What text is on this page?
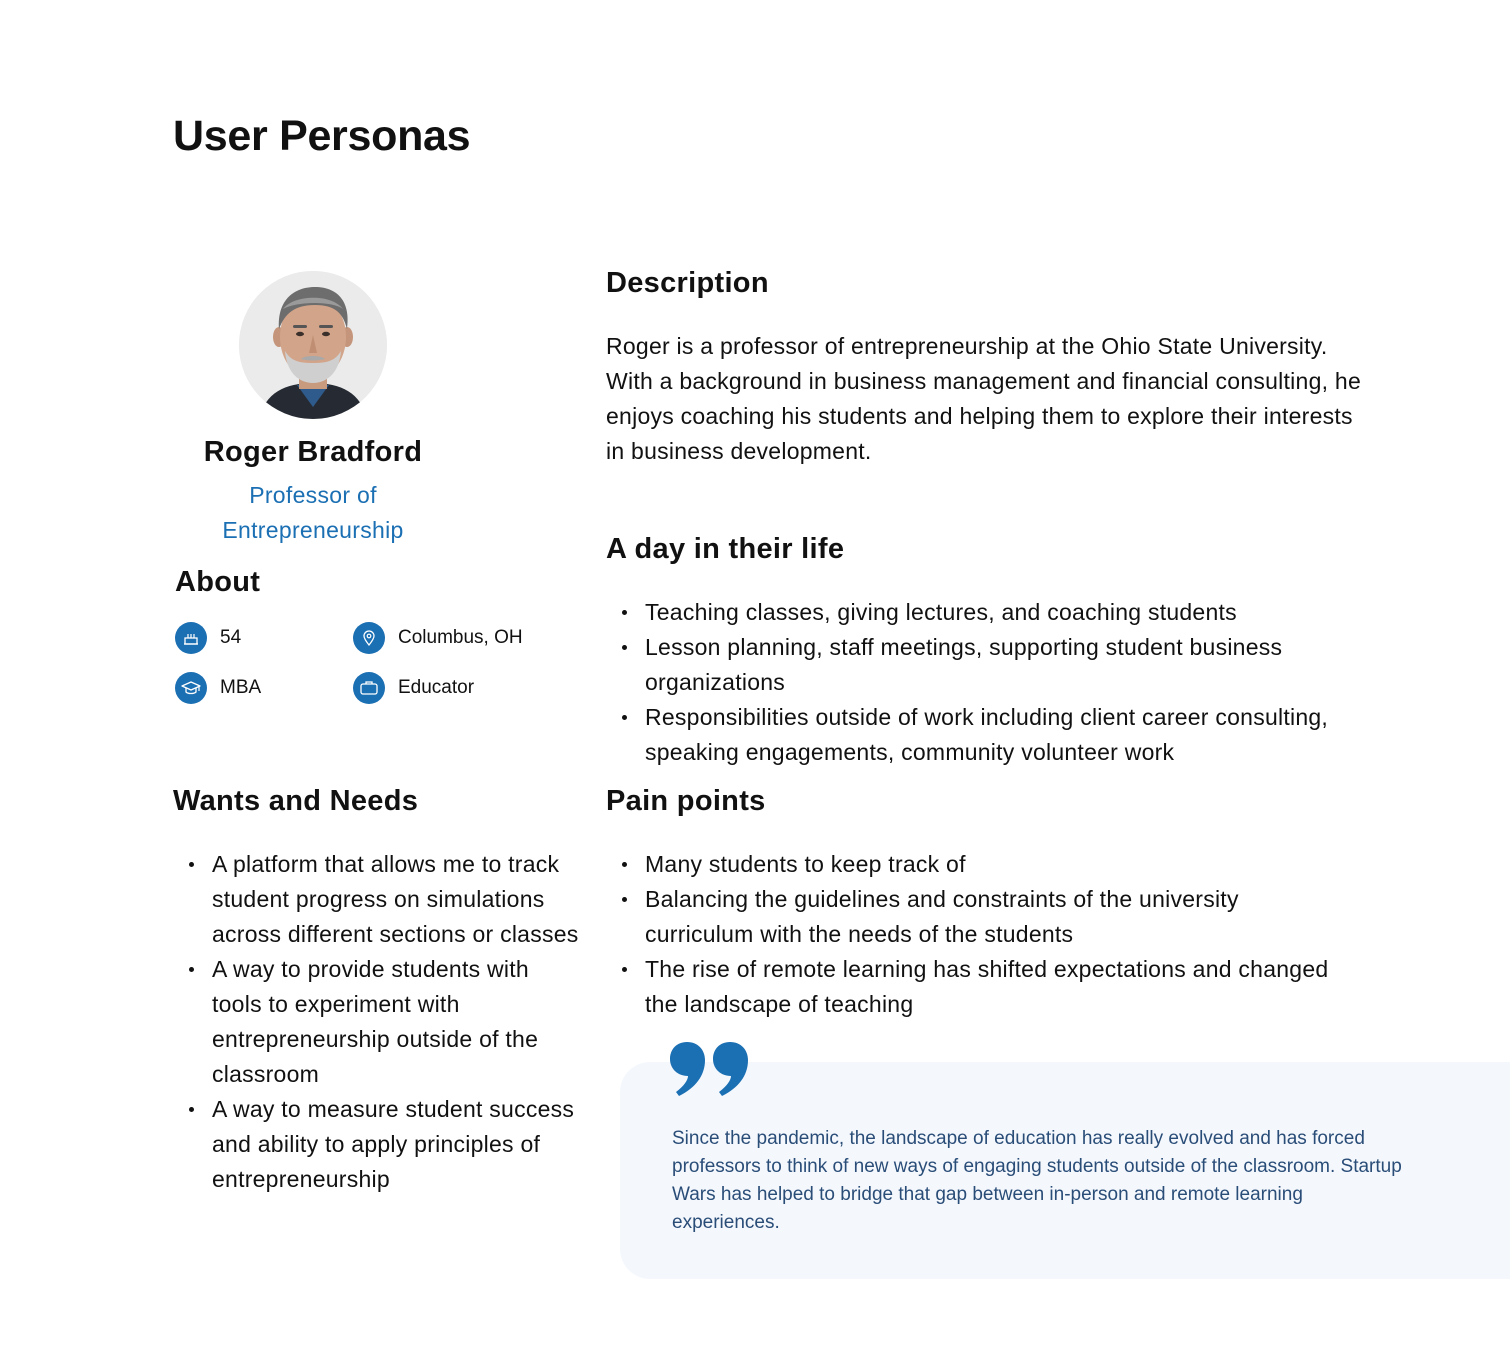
User Personas
Roger Bradford
Professor of Entrepreneurship
About
54	Columbus, OH
MBA	Educator
Wants and Needs
A platform that allows me to track student progress on simulations across different sections or classes
A way to provide students with tools to experiment with entrepreneurship outside of the classroom
A way to measure student success and ability to apply principles of entrepreneurship
Description

Roger is a professor of entrepreneurship at the Ohio State University. With a background in business management and financial consulting, he enjoys coaching his students and helping them to explore their interests in business development.

A day in their life
Teaching classes, giving lectures, and coaching students
Lesson planning, staff meetings, supporting student business organizations
Responsibilities outside of work including client career consulting, speaking engagements, community volunteer work
Pain points
Many students to keep track of
Balancing the guidelines and constraints of the university curriculum with the needs of the students
The rise of remote learning has shifted expectations and changed the landscape of teaching

Since the pandemic, the landscape of education has really evolved and has forced professors to think of new ways of engaging students outside of the classroom. Startup Wars has helped to bridge that gap between in-person and remote learning experiences.
